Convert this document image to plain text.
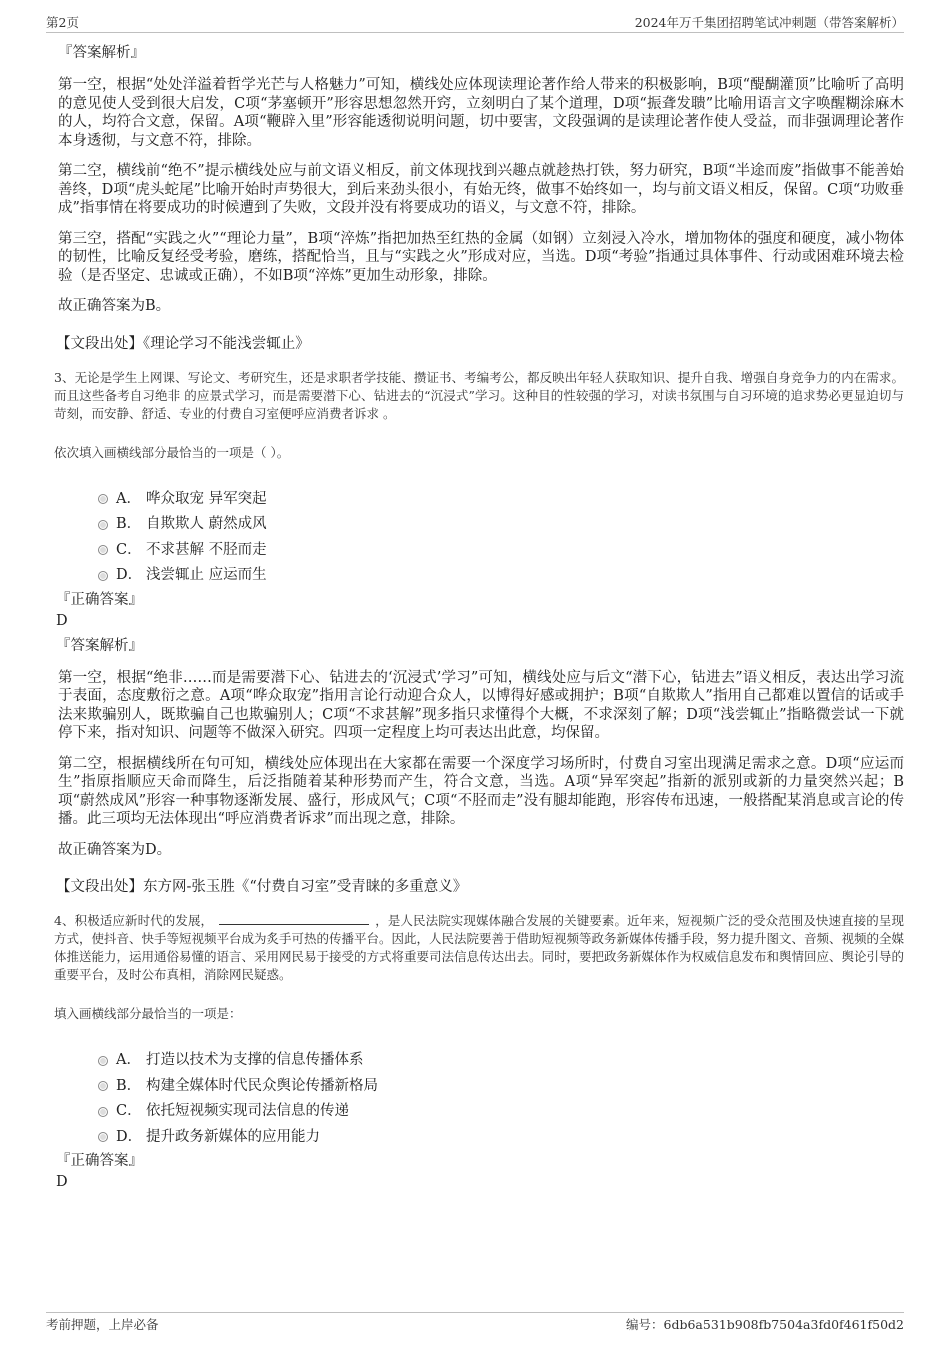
第2页	2024年万千集团招聘笔试冲刺题（带答案解析）
『答案解析』

第一空，根据“处处洋溢着哲学光芒与人格魅力”可知，横线处应体现读理论著作给人带来的积极影响，B项“醍醐灌顶”比喻听了高明的意见使人受到很大启发，C项“茅塞顿开”形容思想忽然开窍，立刻明白了某个道理，D项“振聋发聩”比喻用语言文字唤醒糊涂麻木的人，均符合文意，保留。A项“鞭辟入里”形容能透彻说明问题，切中要害，文段强调的是读理论著作使人受益，而非强调理论著作本身透彻，与文意不符，排除。

第二空，横线前“绝不”提示横线处应与前文语义相反，前文体现找到兴趣点就趁热打铁，努力研究，B项“半途而废”指做事不能善始善终，D项“虎头蛇尾”比喻开始时声势很大，到后来劲头很小，有始无终，做事不始终如一，均与前文语义相反，保留。C项“功败垂成”指事情在将要成功的时候遭到了失败，文段并没有将要成功的语义，与文意不符，排除。

第三空，搭配“实践之火”“理论力量”，B项“淬炼”指把加热至红热的金属（如钢）立刻浸入冷水，增加物体的强度和硬度，减小物体的韧性，比喻反复经受考验，磨练，搭配恰当，且与“实践之火”形成对应，当选。D项“考验”指通过具体事件、行动或困难环境去检验（是否坚定、忠诚或正确），不如B项“淬炼”更加生动形象，排除。

故正确答案为B。

【文段出处】《理论学习不能浅尝辄止》

3、无论是学生上网课、写论文、考研究生，还是求职者学技能、攒证书、考编考公，都反映出年轻人获取知识、提升自我、增强自身竞争力的内在需求。而且这些备考自习绝非 的应景式学习，而是需要潜下心、钻进去的“沉浸式”学习。这种目的性较强的学习，对读书氛围与自习环境的追求势必更显迫切与苛刻，而安静、舒适、专业的付费自习室便呼应消费者诉求 。

依次填入画横线部分最恰当的一项是（ ）。
A． 哗众取宠 异军突起
B． 自欺欺人 蔚然成风
C． 不求甚解 不胫而走
D． 浅尝辄止 应运而生
『正确答案』
D
『答案解析』

第一空，根据“绝非……而是需要潜下心、钻进去的‘沉浸式’学习”可知，横线处应与后文“潜下心，钻进去”语义相反，表达出学习流于表面，态度敷衍之意。A项“哗众取宠”指用言论行动迎合众人，以博得好感或拥护；B项“自欺欺人”指用自己都难以置信的话或手法来欺骗别人，既欺骗自己也欺骗别人；C项“不求甚解”现多指只求懂得个大概，不求深刻了解；D项“浅尝辄止”指略微尝试一下就停下来，指对知识、问题等不做深入研究。四项一定程度上均可表达出此意，均保留。

第二空，根据横线所在句可知，横线处应体现出在大家都在需要一个深度学习场所时，付费自习室出现满足需求之意。D项“应运而生”指原指顺应天命而降生，后泛指随着某种形势而产生，符合文意，当选。A项“异军突起”指新的派别或新的力量突然兴起；B项“蔚然成风”形容一种事物逐渐发展、盛行，形成风气；C项“不胫而走”没有腿却能跑，形容传布迅速，一般搭配某消息或言论的传播。此三项均无法体现出“呼应消费者诉求”而出现之意，排除。

故正确答案为D。

【文段出处】东方网-张玉胜《“付费自习室”受青睐的多重意义》

4、积极适应新时代的发展，	，是人民法院实现媒体融合发展的关键要素。近年来，短视频广泛的受众范围及快速直接的呈现方式，使抖音、快手等短视频平台成为炙手可热的传播平台。因此，人民法院要善于借助短视频等政务新媒体传播手段，努力提升图文、音频、视频的全媒体推送能力，运用通俗易懂的语言、采用网民易于接受的方式将重要司法信息传达出去。同时，要把政务新媒体作为权威信息发布和舆情回应、舆论引导的重要平台，及时公布真相，消除网民疑惑。

填入画横线部分最恰当的一项是：
A． 打造以技术为支撑的信息传播体系
B． 构建全媒体时代民众舆论传播新格局
C． 依托短视频实现司法信息的传递
D． 提升政务新媒体的应用能力
『正确答案』
D
考前押题，上岸必备	编号：6db6a531b908fb7504a3fd0f461f50d2
